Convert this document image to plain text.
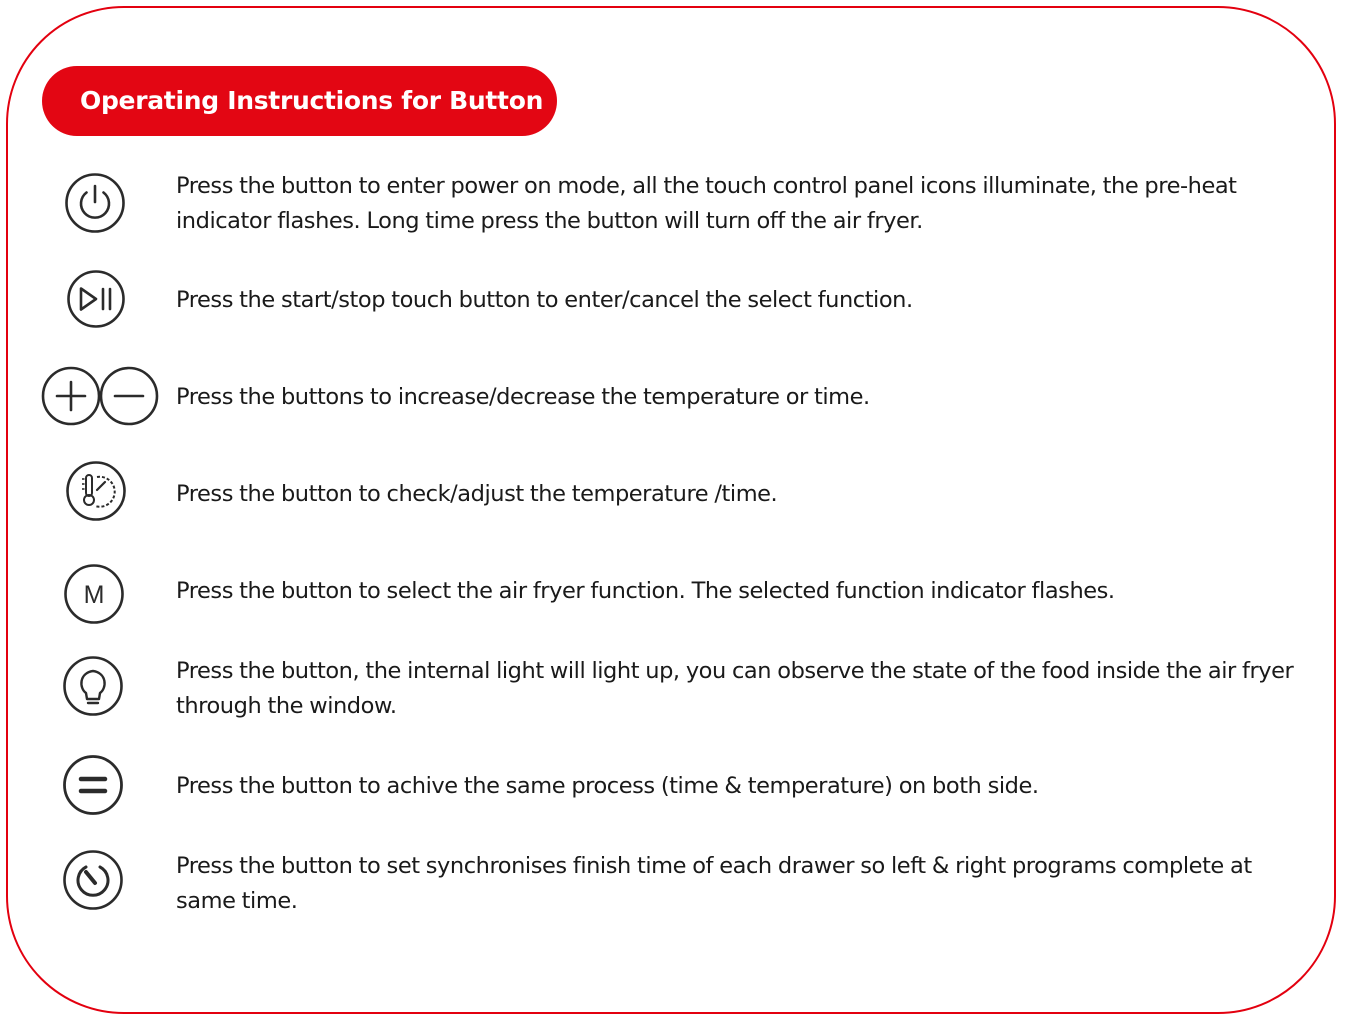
Operating Instructions for Button
Press the button to enter power on mode, all the touch control panel icons illuminate, the pre-heat indicator flashes. Long time press the button will turn off the air fryer.
Press the start/stop touch button to enter/cancel the select function.
Press the buttons to increase/decrease the temperature or time.
Press the button to check/adjust the temperature /time.
M	Press the button to select the air fryer function. The selected function indicator flashes.
Press the button, the internal light will light up, you can observe the state of the food inside the air fryer through the window.
Press the button to achive the same process (time & temperature) on both side.
Press the button to set synchronises finish time of each drawer so left & right programs complete at same time.
